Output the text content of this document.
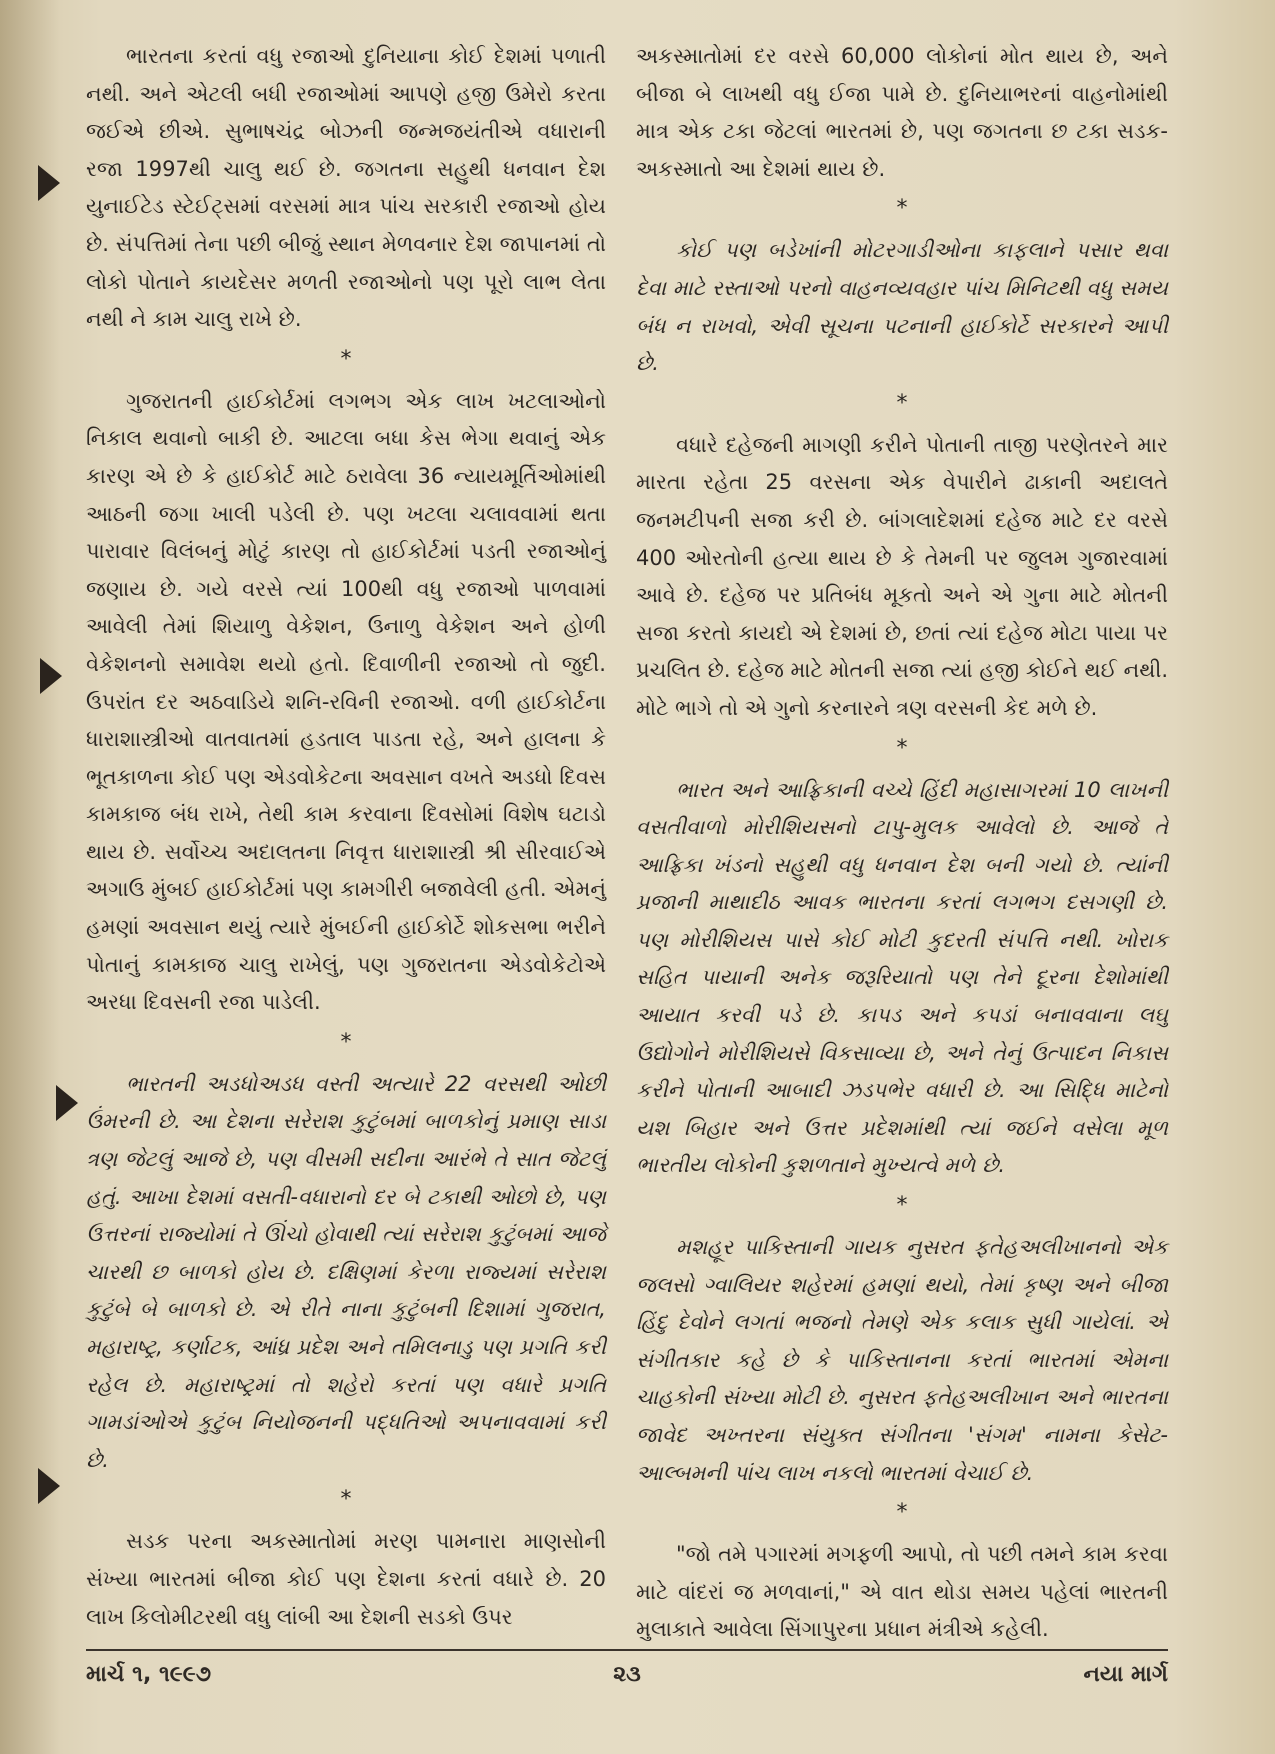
ભારતના કરતાં વધુ રજાઓ દુનિયાના કોઈ દેશમાં પળાતી નથી. અને એટલી બધી રજાઓમાં આપણે હજી ઉમેરો કરતા જઈએ છીએ. સુભાષચંદ્ર બોઝની જન્મજયંતીએ વધારાની રજા 1997થી ચાલુ થઈ છે. જગતના સહુથી ધનવાન દેશ યુનાઈટેડ સ્ટેઈટ્સમાં વરસમાં માત્ર પાંચ સરકારી રજાઓ હોય છે. સંપત્તિમાં તેના પછી બીજું સ્થાન મેળવનાર દેશ જાપાનમાં તો લોકો પોતાને કાયદેસર મળતી રજાઓનો પણ પૂરો લાભ લેતા નથી ને કામ ચાલુ રાખે છે.

*

ગુજરાતની હાઈકોર્ટમાં લગભગ એક લાખ ખટલાઓનો નિકાલ થવાનો બાકી છે. આટલા બધા કેસ ભેગા થવાનું એક કારણ એ છે કે હાઈકોર્ટ માટે ઠરાવેલા 36 ન્યાયમૂર્તિઓમાંથી આઠની જગા ખાલી પડેલી છે. પણ ખટલા ચલાવવામાં થતા પારાવાર વિલંબનું મોટું કારણ તો હાઈકોર્ટમાં પડતી રજાઓનું જણાય છે. ગયે વરસે ત્યાં 100થી વધુ રજાઓ પાળવામાં આવેલી તેમાં શિયાળુ વેકેશન, ઉનાળુ વેકેશન અને હોળી વેકેશનનો સમાવેશ થયો હતો. દિવાળીની રજાઓ તો જુદી. ઉપરાંત દર અઠવાડિયે શનિ-રવિની રજાઓ. વળી હાઈકોર્ટના ધારાશાસ્ત્રીઓ વાતવાતમાં હડતાલ પાડતા રહે, અને હાલના કે ભૂતકાળના કોઈ પણ એડવોકેટના અવસાન વખતે અડધો દિવસ કામકાજ બંધ રાખે, તેથી કામ કરવાના દિવસોમાં વિશેષ ઘટાડો થાય છે. સર્વોચ્ચ અદાલતના નિવૃત્ત ધારાશાસ્ત્રી શ્રી સીરવાઈએ અગાઉ મુંબઈ હાઈકોર્ટમાં પણ કામગીરી બજાવેલી હતી. એમનું હમણાં અવસાન થયું ત્યારે મુંબઈની હાઈકોર્ટે શોકસભા ભરીને પોતાનું કામકાજ ચાલુ રાખેલું, પણ ગુજરાતના એડવોકેટોએ અરધા દિવસની રજા પાડેલી.

*

ભારતની અડધોઅડધ વસ્તી અત્યારે 22 વરસથી ઓછી ઉંમરની છે. આ દેશના સરેરાશ કુટુંબમાં બાળકોનું પ્રમાણ સાડા ત્રણ જેટલું આજે છે, પણ વીસમી સદીના આરંભે તે સાત જેટલું હતું. આખા દેશમાં વસતી-વધારાનો દર બે ટકાથી ઓછો છે, પણ ઉત્તરનાં રાજ્યોમાં તે ઊંચો હોવાથી ત્યાં સરેરાશ કુટુંબમાં આજે ચારથી છ બાળકો હોય છે. દક્ષિણમાં કેરળા રાજ્યમાં સરેરાશ કુટુંબે બે બાળકો છે. એ રીતે નાના કુટુંબની દિશામાં ગુજરાત, મહારાષ્ટ્ર, કર્ણાટક, આંધ્ર પ્રદેશ અને તમિલનાડુ પણ પ્રગતિ કરી રહેલ છે. મહારાષ્ટ્રમાં તો શહેરો કરતાં પણ વધારે પ્રગતિ ગામડાંઓએ કુટુંબ નિયોજનની પદ્ધતિઓ અપનાવવામાં કરી છે.

*

સડક પરના અકસ્માતોમાં મરણ પામનારા માણસોની સંખ્યા ભારતમાં બીજા કોઈ પણ દેશના કરતાં વધારે છે. 20 લાખ કિલોમીટરથી વધુ લાંબી આ દેશની સડકો ઉપર

અકસ્માતોમાં દર વરસે 60,000 લોકોનાં મોત થાય છે, અને બીજા બે લાખથી વધુ ઈજા પામે છે. દુનિયાભરનાં વાહનોમાંથી માત્ર એક ટકા જેટલાં ભારતમાં છે, પણ જગતના છ ટકા સડક-અકસ્માતો આ દેશમાં થાય છે.

*

કોઈ પણ બડેખાંની મોટરગાડીઓના કાફલાને પસાર થવા દેવા માટે રસ્તાઓ પરનો વાહનવ્યવહાર પાંચ મિનિટથી વધુ સમય બંધ ન રાખવો, એવી સૂચના પટનાની હાઈકોર્ટે સરકારને આપી છે.

*

વધારે દહેજની માગણી કરીને પોતાની તાજી પરણેતરને માર મારતા રહેતા 25 વરસના એક વેપારીને ઢાકાની અદાલતે જનમટીપની સજા કરી છે. બાંગલાદેશમાં દહેજ માટે દર વરસે 400 ઓરતોની હત્યા થાય છે કે તેમની પર જુલમ ગુજારવામાં આવે છે. દહેજ પર પ્રતિબંધ મૂકતો અને એ ગુના માટે મોતની સજા કરતો કાયદો એ દેશમાં છે, છતાં ત્યાં દહેજ મોટા પાયા પર પ્રચલિત છે. દહેજ માટે મોતની સજા ત્યાં હજી કોઈને થઈ નથી. મોટે ભાગે તો એ ગુનો કરનારને ત્રણ વરસની કેદ મળે છે.

*

ભારત અને આફ્રિકાની વચ્ચે હિંદી મહાસાગરમાં 10 લાખની વસતીવાળો મોરીશિયસનો ટાપુ-મુલક આવેલો છે. આજે તે આફ્રિકા ખંડનો સહુથી વધુ ધનવાન દેશ બની ગયો છે. ત્યાંની પ્રજાની માથાદીઠ આવક ભારતના કરતાં લગભગ દસગણી છે. પણ મોરીશિયસ પાસે કોઈ મોટી કુદરતી સંપત્તિ નથી. ખોરાક સહિત પાયાની અનેક જરૂરિયાતો પણ તેને દૂરના દેશોમાંથી આયાત કરવી પડે છે. કાપડ અને કપડાં બનાવવાના લઘુ ઉદ્યોગોને મોરીશિયસે વિકસાવ્યા છે, અને તેનું ઉત્પાદન નિકાસ કરીને પોતાની આબાદી ઝડપભેર વધારી છે. આ સિદ્ધિ માટેનો યશ બિહાર અને ઉત્તર પ્રદેશમાંથી ત્યાં જઈને વસેલા મૂળ ભારતીય લોકોની કુશળતાને મુખ્યત્વે મળે છે.

*

મશહૂર પાકિસ્તાની ગાયક નુસરત ફતેહઅલીખાનનો એક જલસો ગ્વાલિયર શહેરમાં હમણાં થયો, તેમાં કૃષ્ણ અને બીજા હિંદુ દેવોને લગતાં ભજનો તેમણે એક કલાક સુધી ગાયેલાં. એ સંગીતકાર કહે છે કે પાકિસ્તાનના કરતાં ભારતમાં એમના ચાહકોની સંખ્યા મોટી છે. નુસરત ફતેહઅલીખાન અને ભારતના જાવેદ અખ્તરના સંયુક્ત સંગીતના 'સંગમ' નામના કેસેટ-આલ્બમની પાંચ લાખ નકલો ભારતમાં વેચાઈ છે.

*

"જો તમે પગારમાં મગફળી આપો, તો પછી તમને કામ કરવા માટે વાંદરાં જ મળવાનાં," એ વાત થોડા સમય પહેલાં ભારતની મુલાકાતે આવેલા સિંગાપુરના પ્રધાન મંત્રીએ કહેલી.

માર્ચ ૧, ૧૯૯૭	૨૩	નયા માર્ગ
